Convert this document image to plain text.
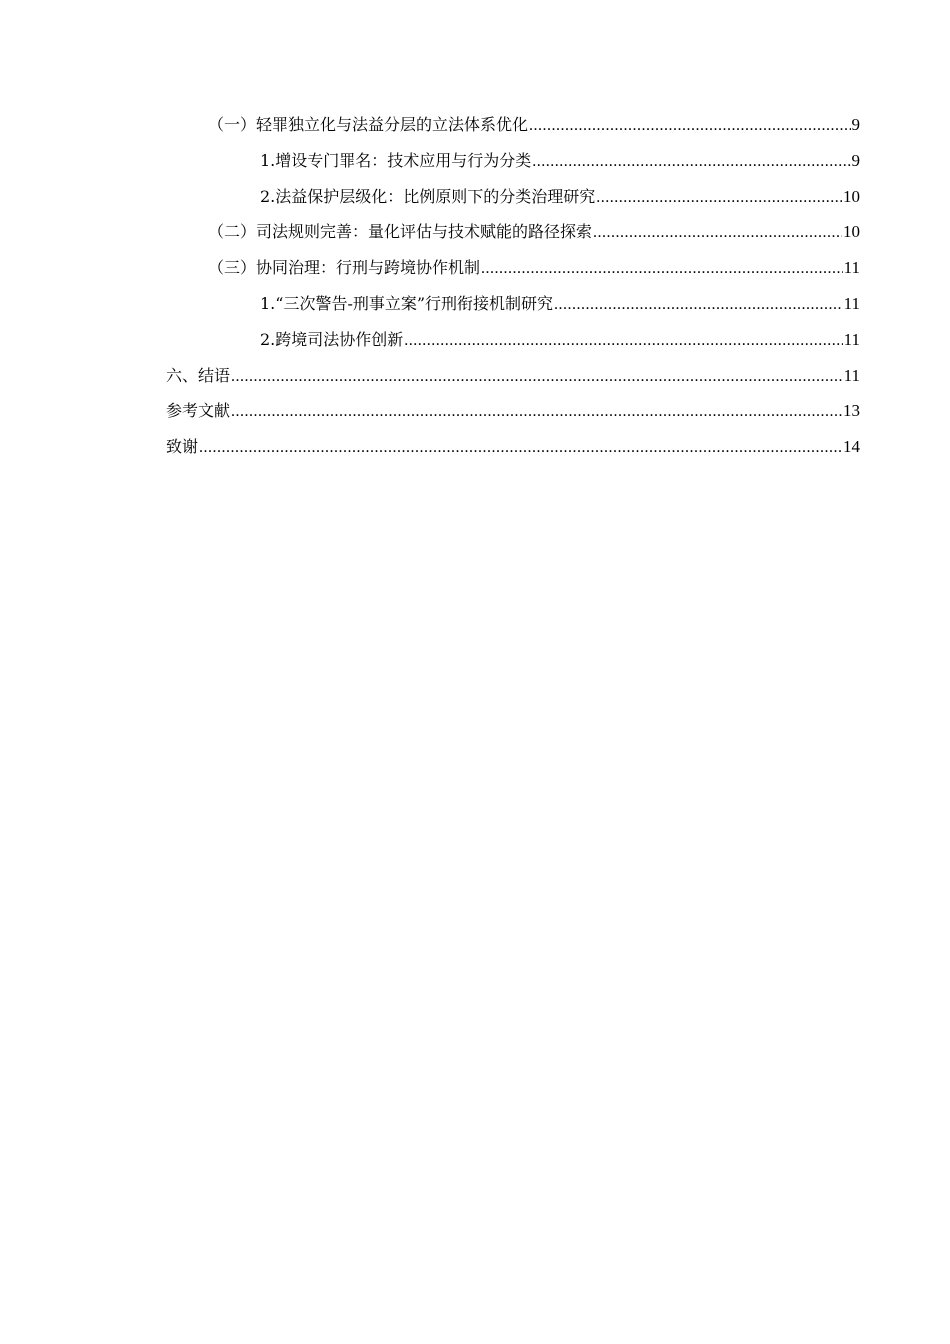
（一）轻罪独立化与法益分层的立法体系优化 .....	9
1.增设专门罪名：技术应用与行为分类 .....	9
2.法益保护层级化：比例原则下的分类治理研究 .....	10
（二）司法规则完善：量化评估与技术赋能的路径探索 .....	10
（三）协同治理：行刑与跨境协作机制 .....	11
1.“三次警告-刑事立案”行刑衔接机制研究 .....	11
2.跨境司法协作创新 .....	11
六、结语 .....	11
参考文献 .....	13
致谢 .....	14
